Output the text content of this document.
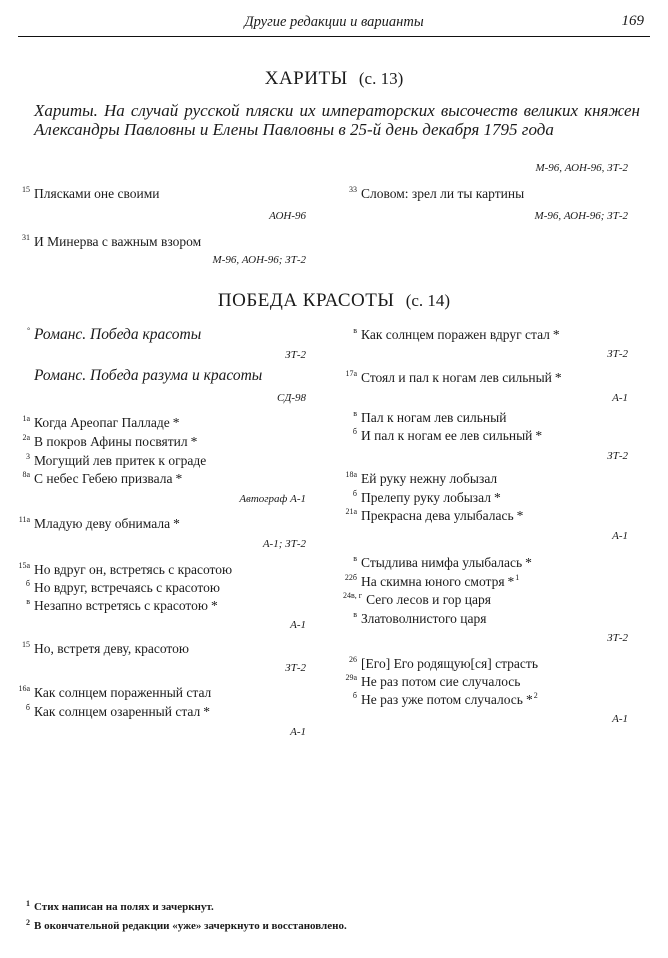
Другие редакции и варианты	169
ХАРИТЫ (с. 13)
Хариты. На случай русской пляски их императорских высочеств великих княжен Александры Павловны и Елены Павловны в 25-й день декабря 1795 года
М-96, АОН-96, ЗТ-2
15 Плясками оне своими
АОН-96
31 И Минерва с важным взором
М-96, АОН-96; ЗТ-2
33 Словом: зрел ли ты картины
М-96, АОН-96; ЗТ-2
ПОБЕДА КРАСОТЫ (с. 14)
° Романс. Победа красоты
ЗТ-2
Романс. Победа разума и красоты
СД-98
1а Когда Ареопаг Палладе *
2а В покров Афины посвятил *
3 Могущий лев притек к ограде
8а С небес Гебею призвала *
Автограф А-1
11а Младую деву обнимала *
А-1; ЗТ-2
15а Но вдруг он, встретясь с красотою
б Но вдруг, встречаясь с красотою
в Незапно встретясь с красотою *
А-1
15 Но, встретя деву, красотою
ЗТ-2
16а Как солнцем пораженный стал
б Как солнцем озаренный стал *
А-1
в Как солнцем поражен вдруг стал *
ЗТ-2
17а Стоял и пал к ногам лев сильный *
А-1
в Пал к ногам лев сильный
б И пал к ногам ее лев сильный *
ЗТ-2
18а Ей руку нежну лобызал
б Прелепу руку лобызал *
21а Прекрасна дева улыбалась *
А-1
в Стыдлива нимфа улыбалась *
22б На скимна юного смотря *$^1$
24в, г Сего лесов и гор царя
в Златоволнистого царя
ЗТ-2
26 [Его] Его родящую[ся] страсть
29а Не раз потом сие случалось
б Не раз уже потом случалось *$^2$
А-1
$^1$ Стих написан на полях и зачеркнут.
$^2$ В окончательной редакции «уже» зачеркнуто и восстановлено.
